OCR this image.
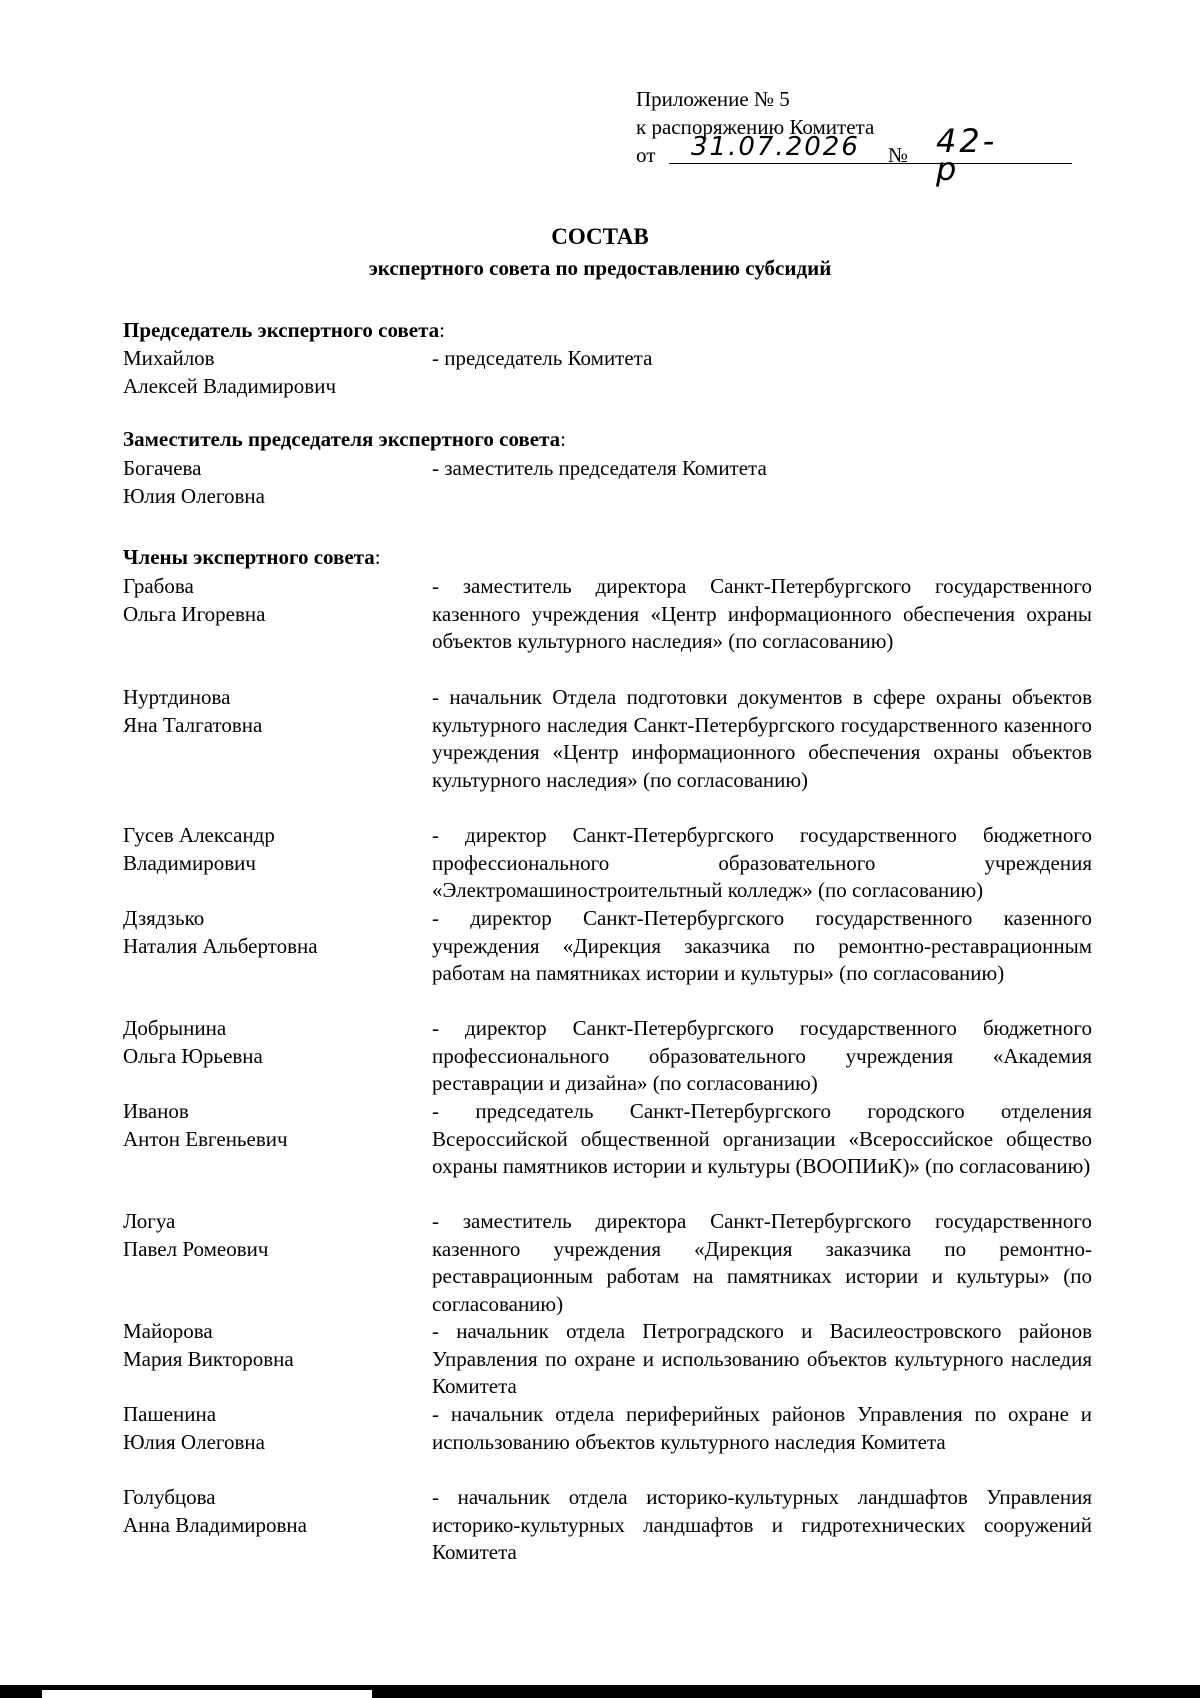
Приложение № 5
к распоряжению Комитета
от 31.07.2026 № 42-р
СОСТАВ
экспертного совета по предоставлению субсидий
Председатель экспертного совета:
Михайлов
Алексей Владимирович
- председатель Комитета
Заместитель председателя экспертного совета:
Богачева
Юлия Олеговна
- заместитель председателя Комитета
Члены экспертного совета:
Грабова
Ольга Игоревна
- заместитель директора Санкт-Петербургского государственного казенного учреждения «Центр информационного обеспечения охраны объектов культурного наследия» (по согласованию)
Нуртдинова
Яна Талгатовна
- начальник Отдела подготовки документов в сфере охраны объектов культурного наследия Санкт-Петербургского государственного казенного учреждения «Центр информационного обеспечения охраны объектов культурного наследия» (по согласованию)
Гусев Александр
Владимирович
- директор Санкт-Петербургского государственного бюджетного профессионального образовательного учреждения «Электромашиностроительтный колледж» (по согласованию)
Дзядзько
Наталия Альбертовна
- директор Санкт-Петербургского государственного казенного учреждения «Дирекция заказчика по ремонтно-реставрационным работам на памятниках истории и культуры» (по согласованию)
Добрынина
Ольга Юрьевна
- директор Санкт-Петербургского государственного бюджетного профессионального образовательного учреждения «Академия реставрации и дизайна» (по согласованию)
Иванов
Антон Евгеньевич
- председатель Санкт-Петербургского городского отделения Всероссийской общественной организации «Всероссийское общество охраны памятников истории и культуры (ВООПИиК)» (по согласованию)
Логуа
Павел Ромеович
- заместитель директора Санкт-Петербургского государственного казенного учреждения «Дирекция заказчика по ремонтно-реставрационным работам на памятниках истории и культуры» (по согласованию)
Майорова
Мария Викторовна
- начальник отдела Петроградского и Василеостровского районов Управления по охране и использованию объектов культурного наследия Комитета
Пашенина
Юлия Олеговна
- начальник отдела периферийных районов Управления по охране и использованию объектов культурного наследия Комитета
Голубцова
Анна Владимировна
- начальник отдела историко-культурных ландшафтов Управления историко-культурных ландшафтов и гидротехнических сооружений Комитета
